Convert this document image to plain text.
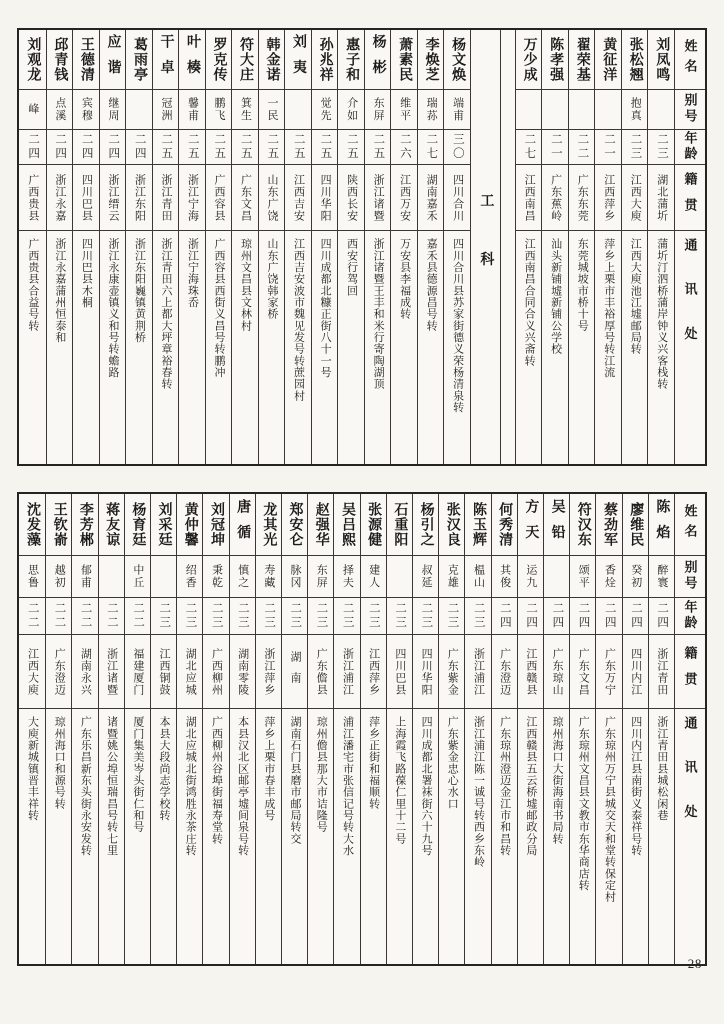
姓名
别号
年龄
籍贯
通讯处
刘凤鸣
二三
湖北蒲圻
蒲圻汀泗桥蒲岸钟义兴客栈转
张松翘
抱真
二三
江西大庾
江西大庾池江墟邮局转
黄征洋
二一
江西萍乡
萍乡上栗市丰裕厚号转江流
翟荣基
二二
广东东莞
东莞城坡市桥十号
陈孝强
二一
广东蕉岭
汕头新铺墟新铺公学校
万少成
二七
江西南昌
江西南昌合同合义兴斋转
工科
杨文焕
端甫
三〇
四川合川
四川合川县苏家街德义荣杨清泉转
李焕芝
瑞荪
二七
湖南嘉禾
嘉禾县德源昌号转
萧素民
维平
二六
江西万安
万安县李福成转
杨彬
东屏
二五
浙江诸暨
浙江诸暨王丰和米行寄陶湖顶
惠子和
介如
二五
陕西长安
西安行驾回
孙兆祥
觉先
二五
四川华阳
四川成都北糠正街八十一号
刘夷
二五
江西吉安
江西吉安波市魏见发号转蔗园村
韩金诺
一民
二五
山东广饶
山东广饶韩家桥
符大庄
箕生
二五
广东文昌
琼州文昌县文林村
罗克传
鹏飞
二五
广西容县
广西容县西街义昌号转鹏冲
叶楱
馨甫
二五
浙江宁海
浙江宁海珠岙
干卓
冠洲
二五
浙江青田
浙江青田六上都大坪章裕春转
葛雨亭
二四
浙江东阳
浙江东阳巍镇黄荆桥
应谐
继周
二四
浙江缙云
浙江永康壶镇义和号转蟾路
王德清
宾穆
二四
四川巴县
四川巴县木桐
邱青钱
点溪
二四
浙江永嘉
浙江永嘉蒲州恒泰和
刘观龙
峰
二四
广西贵县
广西贵县合益号转
姓名
别号
年龄
籍贯
通讯处
陈焰
醉寰
二四
浙江青田
浙江青田县城松闲巷
廖维民
癸初
二四
四川内江
四川内江县南街义泰祥号转
蔡劲军
香烇
二四
广东万宁
广东琼州万宁县城交天和堂转保定村
符汉东
颂平
二四
广东文昌
广东琼州文昌县文教市东华商店转
吴铅
二四
广东琼山
琼州海口大街海南书局转
方天
运九
二四
江西赣县
江西赣县五云桥墟邮政分局
何秀清
其俊
二四
广东澄迈
广东琼州澄迈金江市和昌转
陈玉辉
榅山
二三
浙江浦江
浙江浦江陈一诚号转西乡东岭
张汉良
克雄
二三
广东紫金
广东紫金忠心水口
杨引之
叔延
二三
四川华阳
四川成都北署袜街六十九号
石重阳
二三
四川巴县
上海霞飞路葆仁里十二号
张源健
建人
二三
江西萍乡
萍乡正街和福顺转
吴吕熙
择夫
二三
浙江浦江
浦江潘宅市张信记号转大水
赵强华
东屏
二三
广东儋县
琼州儋县那大市诘隆号
郑安仑
脉冈
二三
湖南
湖南石门县磨市邮局转交
龙其光
寿藏
二三
浙江萍乡
萍乡上栗市春丰成号
唐循
慎之
二三
湖南零陵
本县汉北区邮亭墟间泉号转
刘冠坤
秉乾
二三
广西柳州
广西柳州谷埠街福寿堂转
黄仲馨
绍香
二三
湖北应城
湖北应城北街鸿胜永茶庄转
刘采廷
二三
江西铜鼓
本县大段尚志学校转
杨育廷
中丘
二二
福建厦门
厦门集美岑头街仁和号
蒋友谅
二二
浙江诸暨
诸暨姚公埠恒瑞昌号转七里
李芳郴
郁甫
二二
湖南永兴
广东乐昌新东头街永安发转
王钦嵛
越初
二二
广东澄迈
琼州海口和源号转
沈发藻
思鲁
二二
江西大庾
大庾新城镇晋丰祥转
28
